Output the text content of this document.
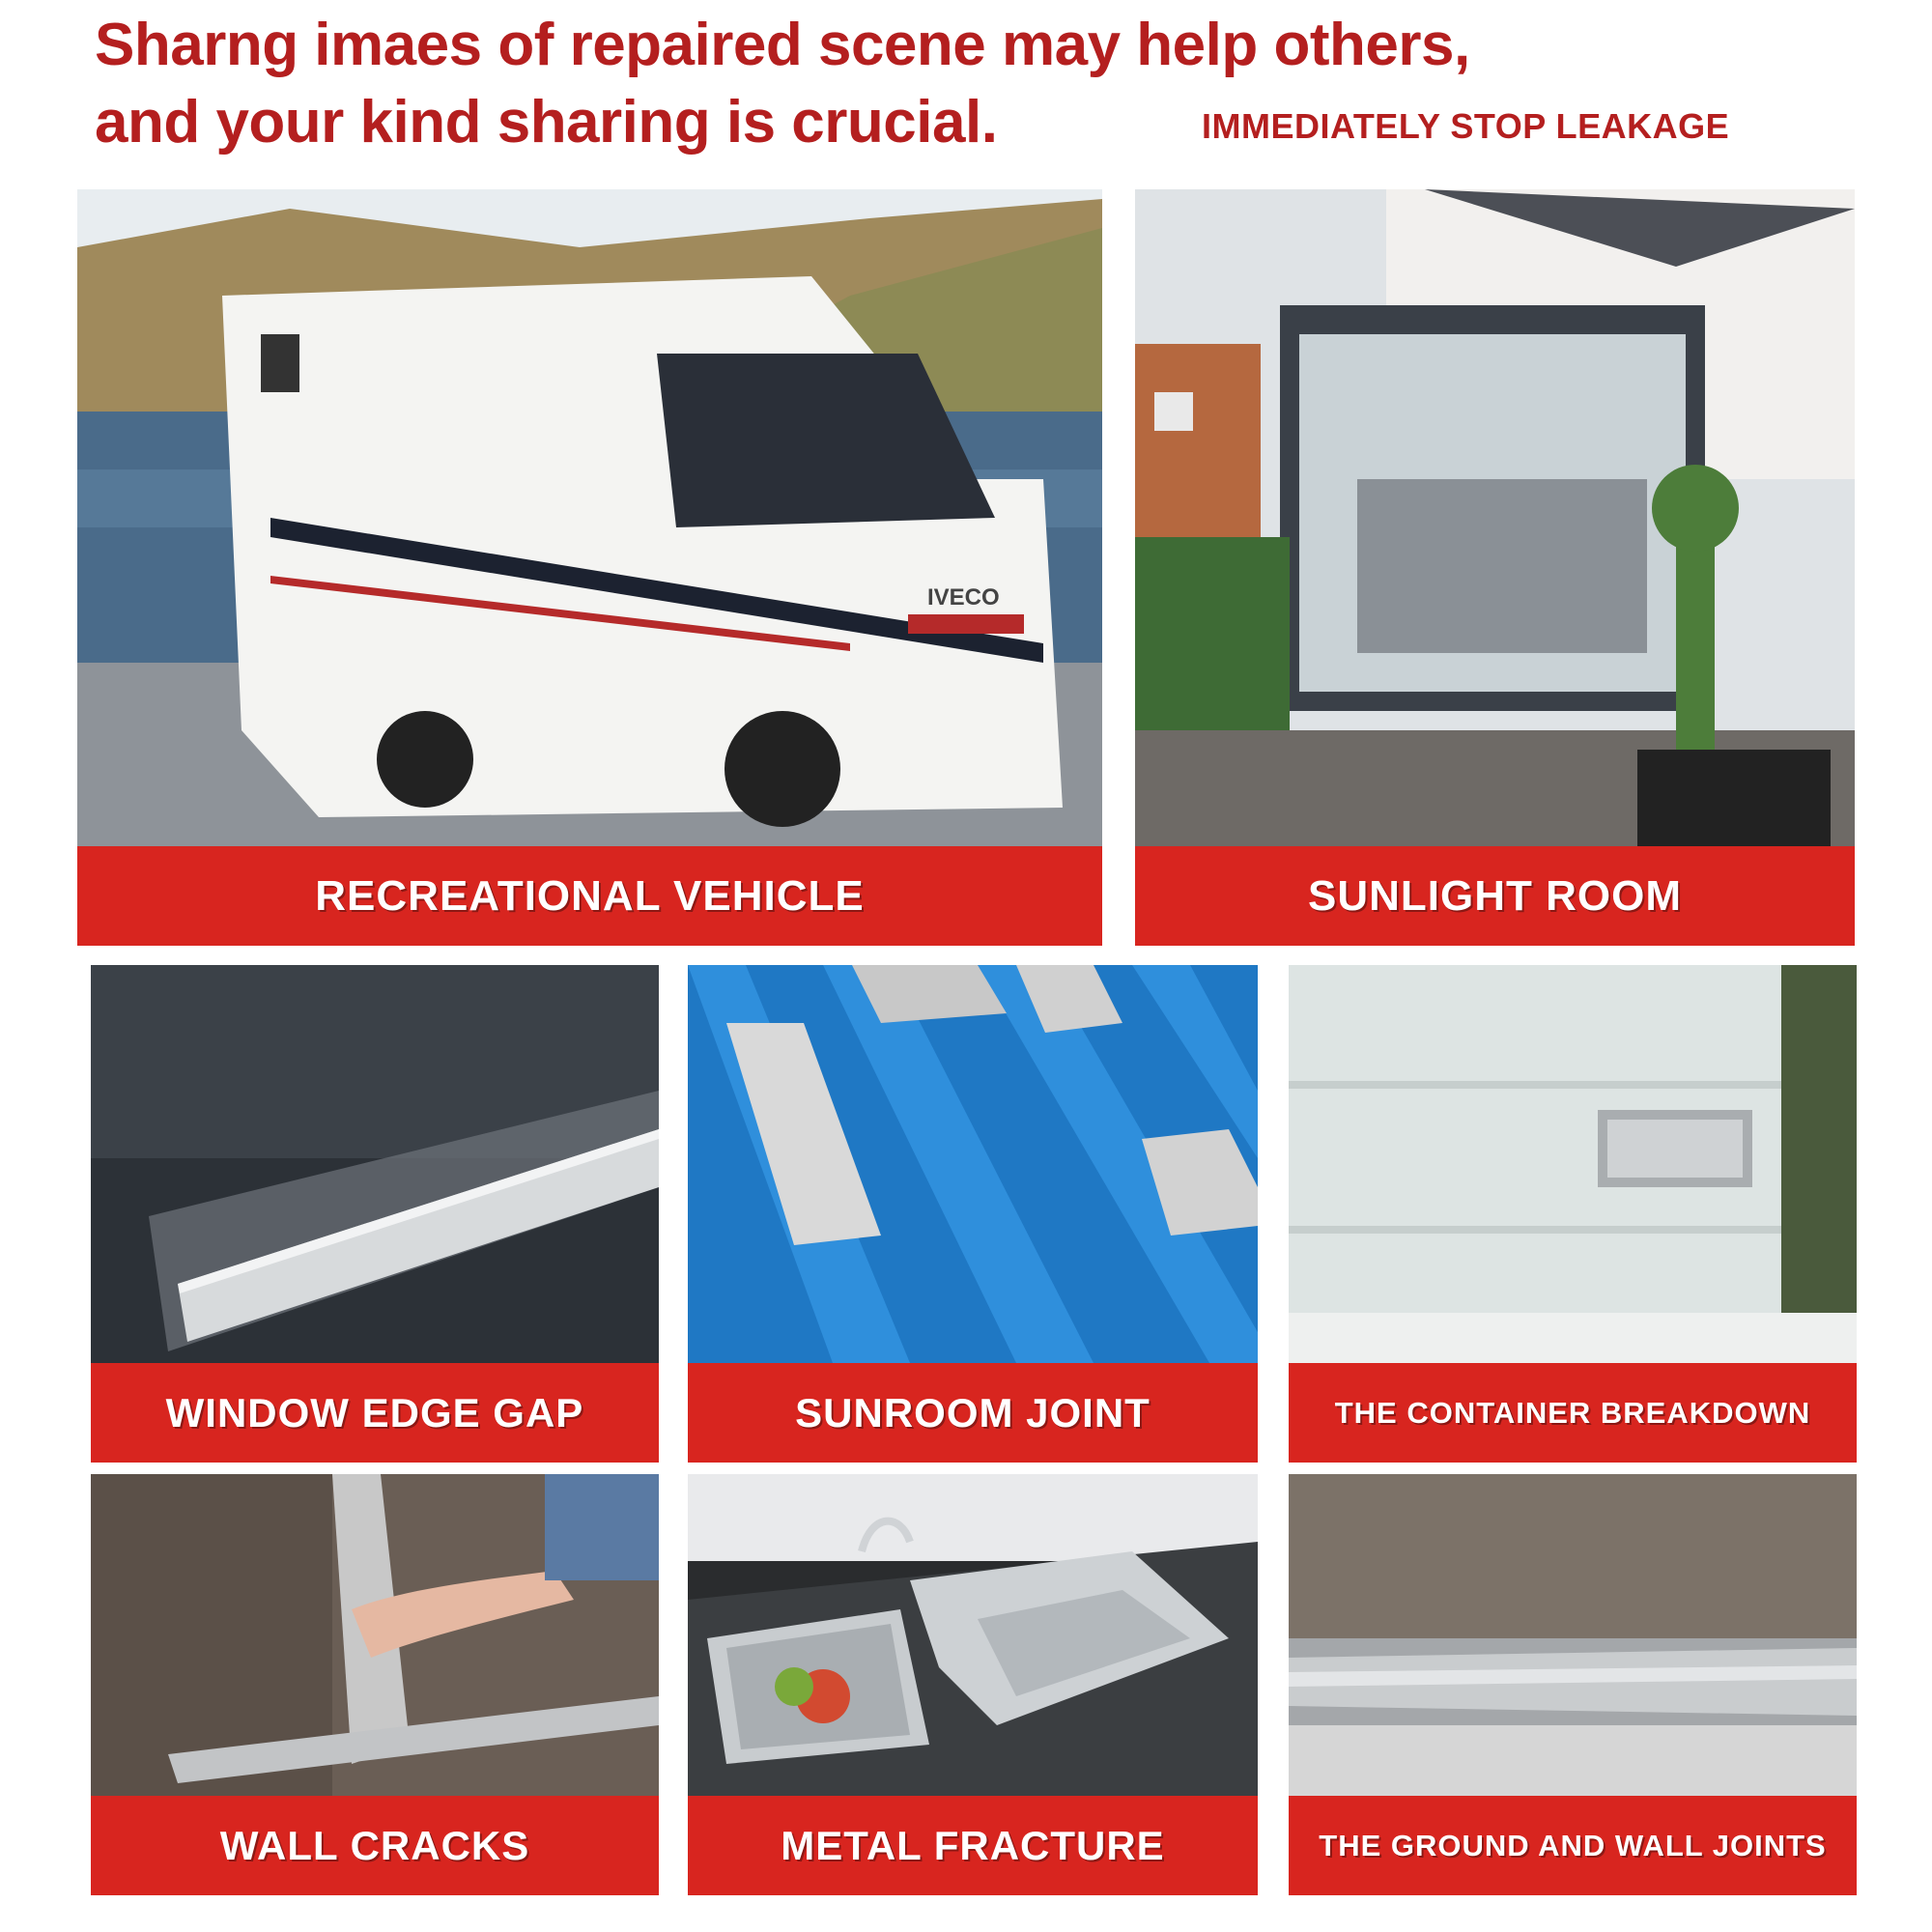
Sharng imaes of repaired scene may help others,
and your kind sharing is crucial.	IMMEDIATELY STOP LEAKAGE
IVECO
RECREATIONAL VEHICLE	SUNLIGHT ROOM
WINDOW EDGE GAP	SUNROOM JOINT	THE CONTAINER BREAKDOWN
WALL CRACKS	METAL FRACTURE	THE GROUND AND WALL JOINTS
